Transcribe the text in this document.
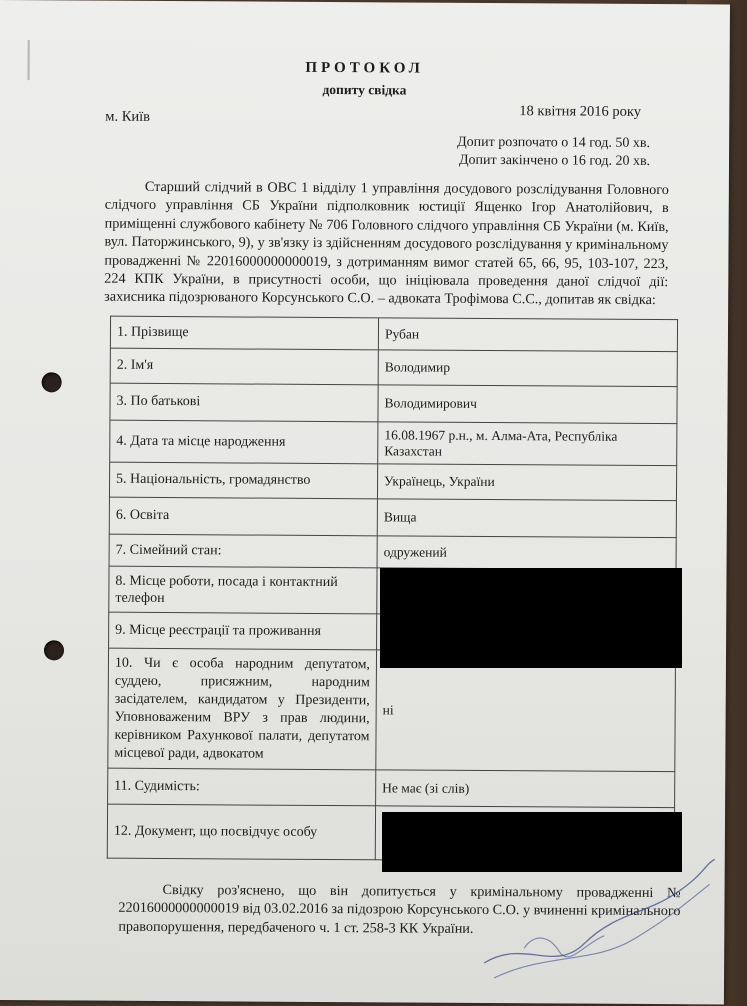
ПРОТОКОЛ
допиту свідка
м. Київ	18 квітня 2016 року
Допит розпочато о 14 год. 50 хв.
Допит закінчено о 16 год. 20 хв.
Старший слідчий в ОВС 1 відділу 1 управління досудового розслідування Головного слідчого управління СБ України підполковник юстиції Ященко Ігор Анатолійович, в приміщенні службового кабінету № 706 Головного слідчого управління СБ України (м. Київ, вул. Паторжинського, 9), у зв'язку із здійсненням досудового розслідування у кримінальному провадженні № 22016000000000019, з дотриманням вимог статей 65, 66, 95, 103-107, 223, 224 КПК України, в присутності особи, що ініціювала проведення даної слідчої дії: захисника підозрюваного Корсунського С.О. – адвоката Трофімова С.С., допитав як свідка:
1. Прізвище	Рубан
2. Ім'я	Володимир
3. По батькові	Володимирович
4. Дата та місце народження	16.08.1967 р.н., м. Алма-Ата, Республіка Казахстан
5. Національність, громадянство	Українець, України
6. Освіта	Вища
7. Сімейний стан:	одружений
8. Місце роботи, посада і контактний телефон	
9. Місце реєстрації та проживання	
10. Чи є особа народним депутатом, суддею, присяжним, народним засідателем, кандидатом у Президенти, Уповноваженим ВРУ з прав людини, керівником Рахункової палати, депутатом місцевої ради, адвокатом	ні
11. Судимість:	Не має (зі слів)
12. Документ, що посвідчує особу	
Свідку роз'яснено, що він допитується у кримінальному провадженні № 22016000000000019 від 03.02.2016 за підозрою Корсунського С.О. у вчиненні кримінального правопорушення, передбаченого ч. 1 ст. 258-3 КК України.
